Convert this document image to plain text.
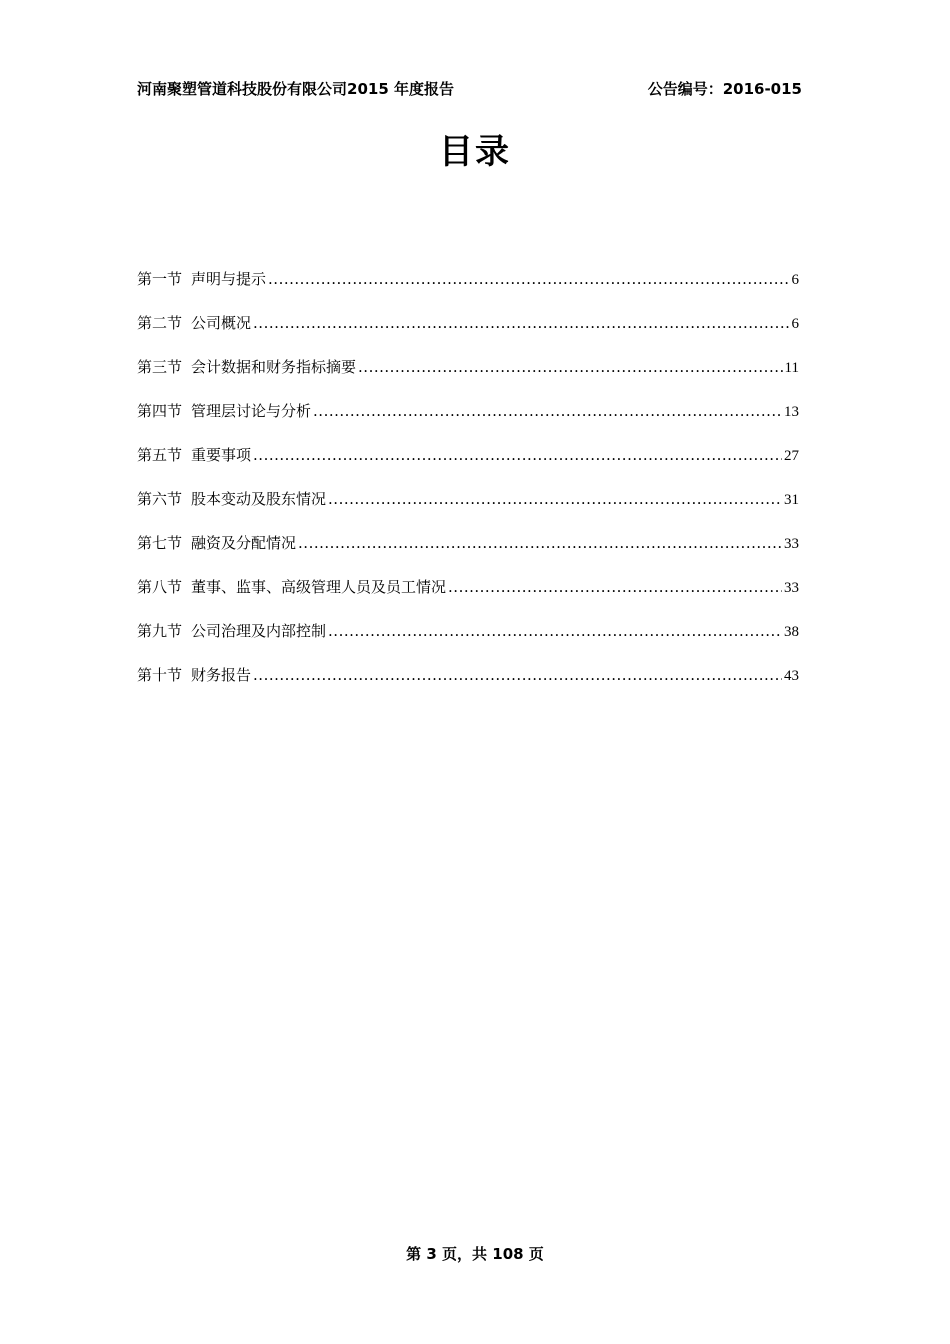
河南聚塑管道科技股份有限公司2015 年度报告	公告编号：2016-015
目录
第一节 声明与提示 .....	6
第二节 公司概况 .....	6
第三节 会计数据和财务指标摘要 .....	11
第四节 管理层讨论与分析 .....	13
第五节 重要事项 .....	27
第六节 股本变动及股东情况 .....	31
第七节 融资及分配情况 .....	33
第八节 董事、监事、高级管理人员及员工情况 .....	33
第九节 公司治理及内部控制 .....	38
第十节 财务报告 .....	43
第 3 页，共 108 页
